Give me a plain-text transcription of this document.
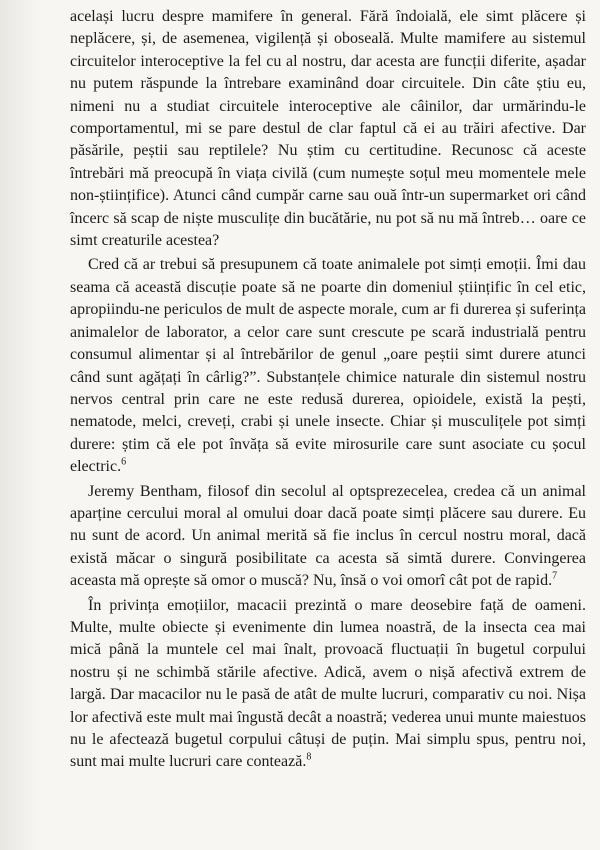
același lucru despre mamifere în general. Fără îndoială, ele simt plăcere și neplăcere, și, de asemenea, vigilență și oboseală. Multe mamifere au sistemul circuitelor interoceptive la fel cu al nostru, dar acesta are funcții diferite, așadar nu putem răspunde la întrebare examinând doar circuitele. Din câte știu eu, nimeni nu a studiat circuitele interoceptive ale câinilor, dar urmărindu-le comportamentul, mi se pare destul de clar faptul că ei au trăiri afective. Dar păsările, peștii sau reptilele? Nu știm cu certitudine. Recunosc că aceste întrebări mă preocupă în viața civilă (cum numește soțul meu momentele mele non-științifice). Atunci când cumpăr carne sau ouă într-un supermarket ori când încerc să scap de niște musculițe din bucătărie, nu pot să nu mă întreb… oare ce simt creaturile acestea?

Cred că ar trebui să presupunem că toate animalele pot simți emoții. Îmi dau seama că această discuție poate să ne poarte din domeniul științific în cel etic, apropiindu-ne periculos de mult de aspecte morale, cum ar fi durerea și suferința animalelor de laborator, a celor care sunt crescute pe scară industrială pentru consumul alimentar și al întrebărilor de genul „oare peștii simt durere atunci când sunt agățați în cârlig?”. Substanțele chimice naturale din sistemul nostru nervos central prin care ne este redusă durerea, opioidele, există la pești, nematode, melci, creveți, crabi și unele insecte. Chiar și musculițele pot simți durere: știm că ele pot învăța să evite mirosurile care sunt asociate cu șocul electric.$^6$

Jeremy Bentham, filosof din secolul al optsprezecelea, credea că un animal aparține cercului moral al omului doar dacă poate simți plăcere sau durere. Eu nu sunt de acord. Un animal merită să fie inclus în cercul nostru moral, dacă există măcar o singură posibilitate ca acesta să simtă durere. Convingerea aceasta mă oprește să omor o muscă? Nu, însă o voi omorî cât pot de rapid.$^7$

În privința emoțiilor, macacii prezintă o mare deosebire față de oameni. Multe, multe obiecte și evenimente din lumea noastră, de la insecta cea mai mică până la muntele cel mai înalt, provoacă fluctuații în bugetul corpului nostru și ne schimbă stările afective. Adică, avem o nișă afectivă extrem de largă. Dar macacilor nu le pasă de atât de multe lucruri, comparativ cu noi. Nișa lor afectivă este mult mai îngustă decât a noastră; vederea unui munte maiestuos nu le afectează bugetul corpului câtuși de puțin. Mai simplu spus, pentru noi, sunt mai multe lucruri care contează.$^8$
